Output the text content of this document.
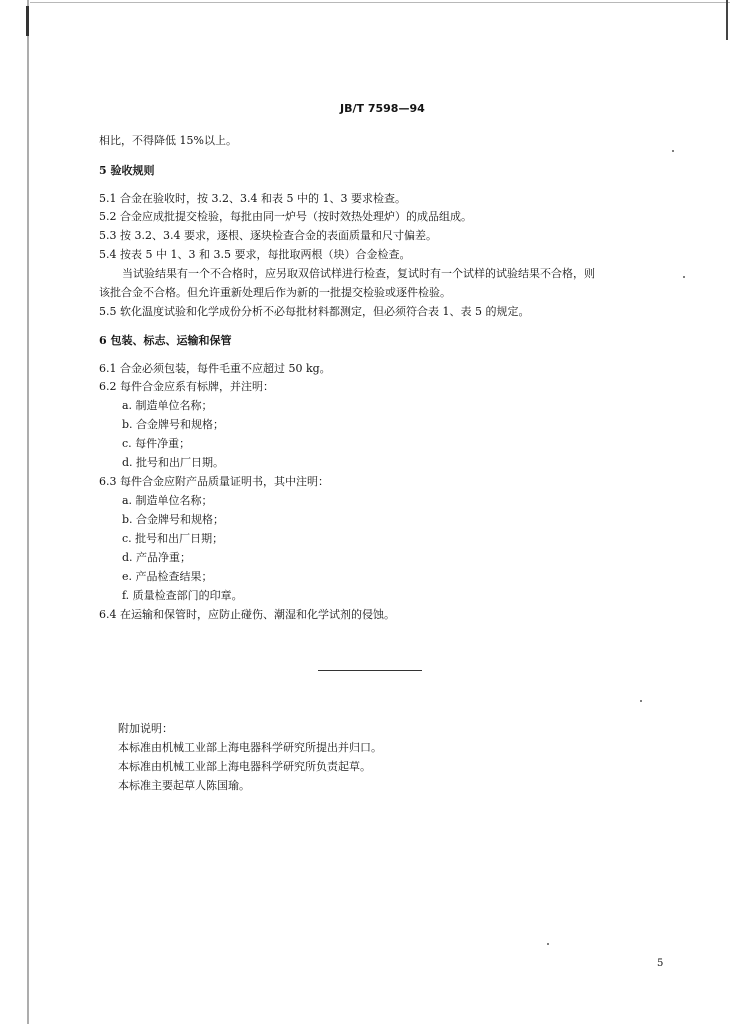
JB/T 7598—94
相比，不得降低 15%以上。
5 验收规则
5.1 合金在验收时，按 3.2、3.4 和表 5 中的 1、3 要求检查。
5.2 合金应成批提交检验，每批由同一炉号（按时效热处理炉）的成品组成。
5.3 按 3.2、3.4 要求，逐根、逐块检查合金的表面质量和尺寸偏差。
5.4 按表 5 中 1、3 和 3.5 要求，每批取两根（块）合金检查。
当试验结果有一个不合格时，应另取双倍试样进行检查，复试时有一个试样的试验结果不合格，则
该批合金不合格。但允许重新处理后作为新的一批提交检验或逐件检验。
5.5 软化温度试验和化学成份分析不必每批材料都测定，但必须符合表 1、表 5 的规定。
6 包装、标志、运输和保管
6.1 合金必须包装，每件毛重不应超过 50 kg。
6.2 每件合金应系有标牌，并注明：
a. 制造单位名称；
b. 合金牌号和规格；
c. 每件净重；
d. 批号和出厂日期。
6.3 每件合金应附产品质量证明书，其中注明：
a. 制造单位名称；
b. 合金牌号和规格；
c. 批号和出厂日期；
d. 产品净重；
e. 产品检查结果；
f. 质量检查部门的印章。
6.4 在运输和保管时，应防止碰伤、潮湿和化学试剂的侵蚀。
附加说明：
本标准由机械工业部上海电器科学研究所提出并归口。
本标准由机械工业部上海电器科学研究所负责起草。
本标准主要起草人陈国瑜。
5
